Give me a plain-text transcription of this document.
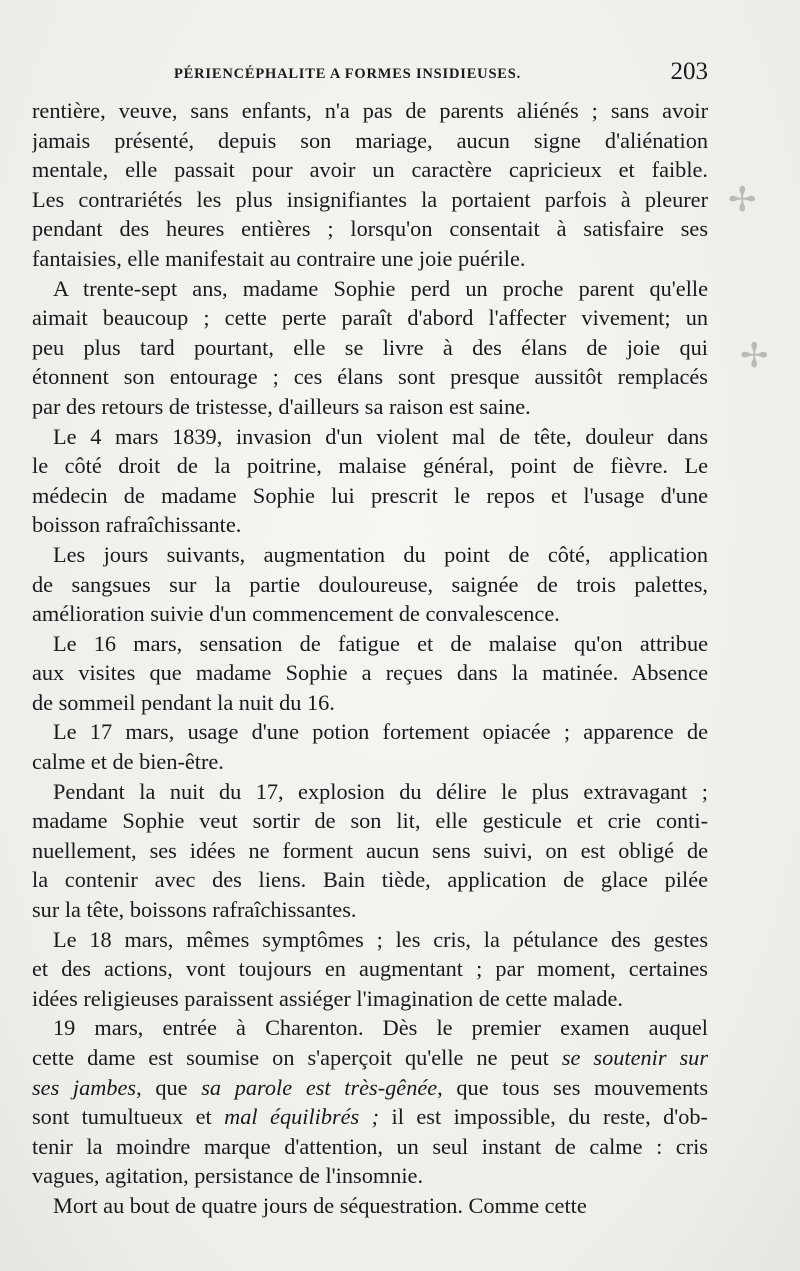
PÉRIENCÉPHALITE A FORMES INSIDIEUSES.	203
✢
✢
rentière, veuve, sans enfants, n'a pas de parents aliénés ; sans avoir
jamais présenté, depuis son mariage, aucun signe d'aliénation
mentale, elle passait pour avoir un caractère capricieux et faible.
Les contrariétés les plus insignifiantes la portaient parfois à pleurer
pendant des heures entières ; lorsqu'on consentait à satisfaire ses
fantaisies, elle manifestait au contraire une joie puérile.
A trente-sept ans, madame Sophie perd un proche parent qu'elle
aimait beaucoup ; cette perte paraît d'abord l'affecter vivement; un
peu plus tard pourtant, elle se livre à des élans de joie qui
étonnent son entourage ; ces élans sont presque aussitôt remplacés
par des retours de tristesse, d'ailleurs sa raison est saine.
Le 4 mars 1839, invasion d'un violent mal de tête, douleur dans
le côté droit de la poitrine, malaise général, point de fièvre. Le
médecin de madame Sophie lui prescrit le repos et l'usage d'une
boisson rafraîchissante.
Les jours suivants, augmentation du point de côté, application
de sangsues sur la partie douloureuse, saignée de trois palettes,
amélioration suivie d'un commencement de convalescence.
Le 16 mars, sensation de fatigue et de malaise qu'on attribue
aux visites que madame Sophie a reçues dans la matinée. Absence
de sommeil pendant la nuit du 16.
Le 17 mars, usage d'une potion fortement opiacée ; apparence de
calme et de bien-être.
Pendant la nuit du 17, explosion du délire le plus extravagant ;
madame Sophie veut sortir de son lit, elle gesticule et crie conti-
nuellement, ses idées ne forment aucun sens suivi, on est obligé de
la contenir avec des liens. Bain tiède, application de glace pilée
sur la tête, boissons rafraîchissantes.
Le 18 mars, mêmes symptômes ; les cris, la pétulance des gestes
et des actions, vont toujours en augmentant ; par moment, certaines
idées religieuses paraissent assiéger l'imagination de cette malade.
19 mars, entrée à Charenton. Dès le premier examen auquel
cette dame est soumise on s'aperçoit qu'elle ne peut se soutenir sur
ses jambes, que sa parole est très-gênée, que tous ses mouvements
sont tumultueux et mal équilibrés ; il est impossible, du reste, d'ob-
tenir la moindre marque d'attention, un seul instant de calme : cris
vagues, agitation, persistance de l'insomnie.
Mort au bout de quatre jours de séquestration. Comme cette
